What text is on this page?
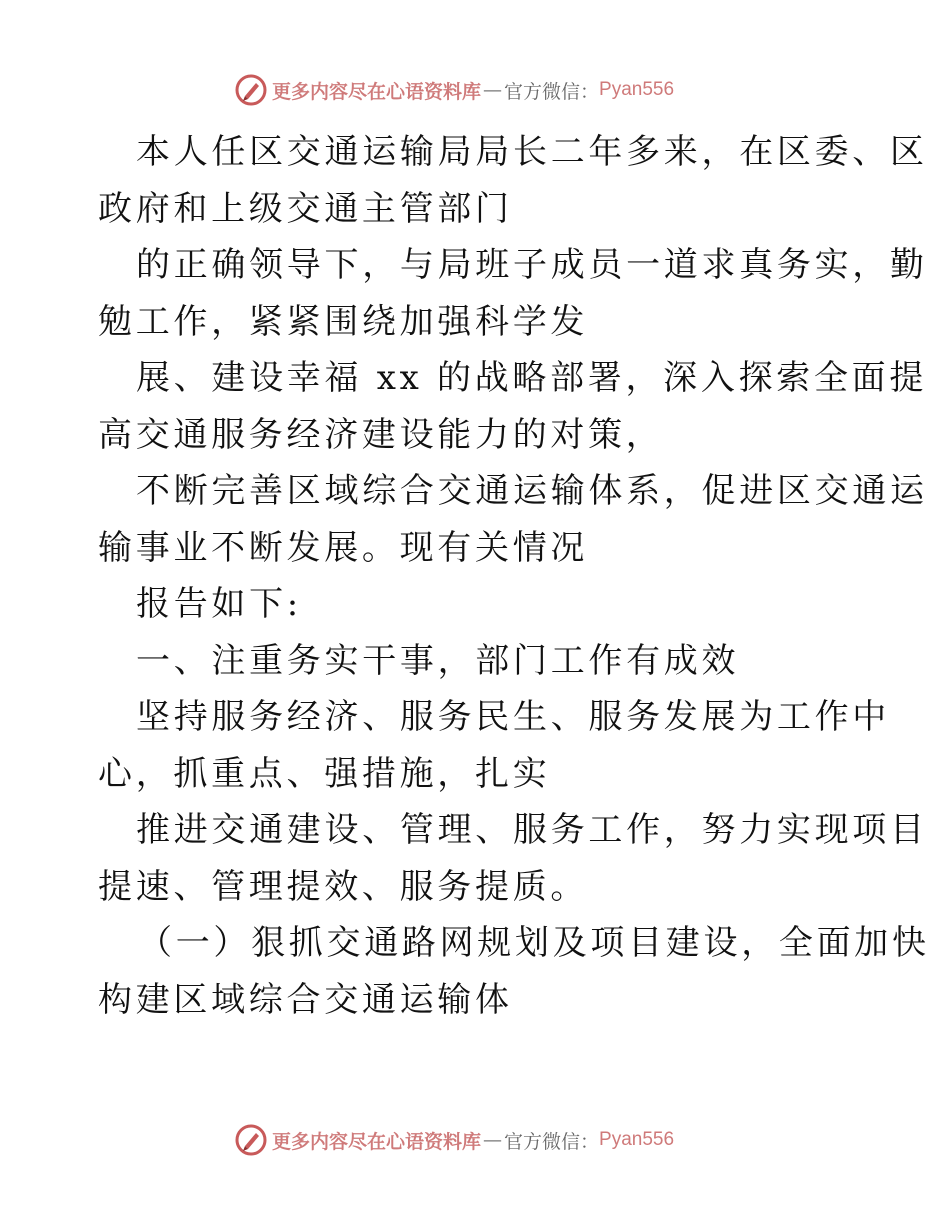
更多内容尽在心语资料库 — 官方微信： Pyan556
本人任区交通运输局局长二年多来，在区委、区
政府和上级交通主管部门
的正确领导下，与局班子成员一道求真务实，勤
勉工作，紧紧围绕加强科学发
展、建设幸福 xx 的战略部署，深入探索全面提
高交通服务经济建设能力的对策，
不断完善区域综合交通运输体系，促进区交通运
输事业不断发展。现有关情况
报告如下:
一、注重务实干事，部门工作有成效
坚持服务经济、服务民生、服务发展为工作中
心，抓重点、强措施，扎实
推进交通建设、管理、服务工作，努力实现项目
提速、管理提效、服务提质。
（一）狠抓交通路网规划及项目建设，全面加快
构建区域综合交通运输体
更多内容尽在心语资料库 — 官方微信： Pyan556
